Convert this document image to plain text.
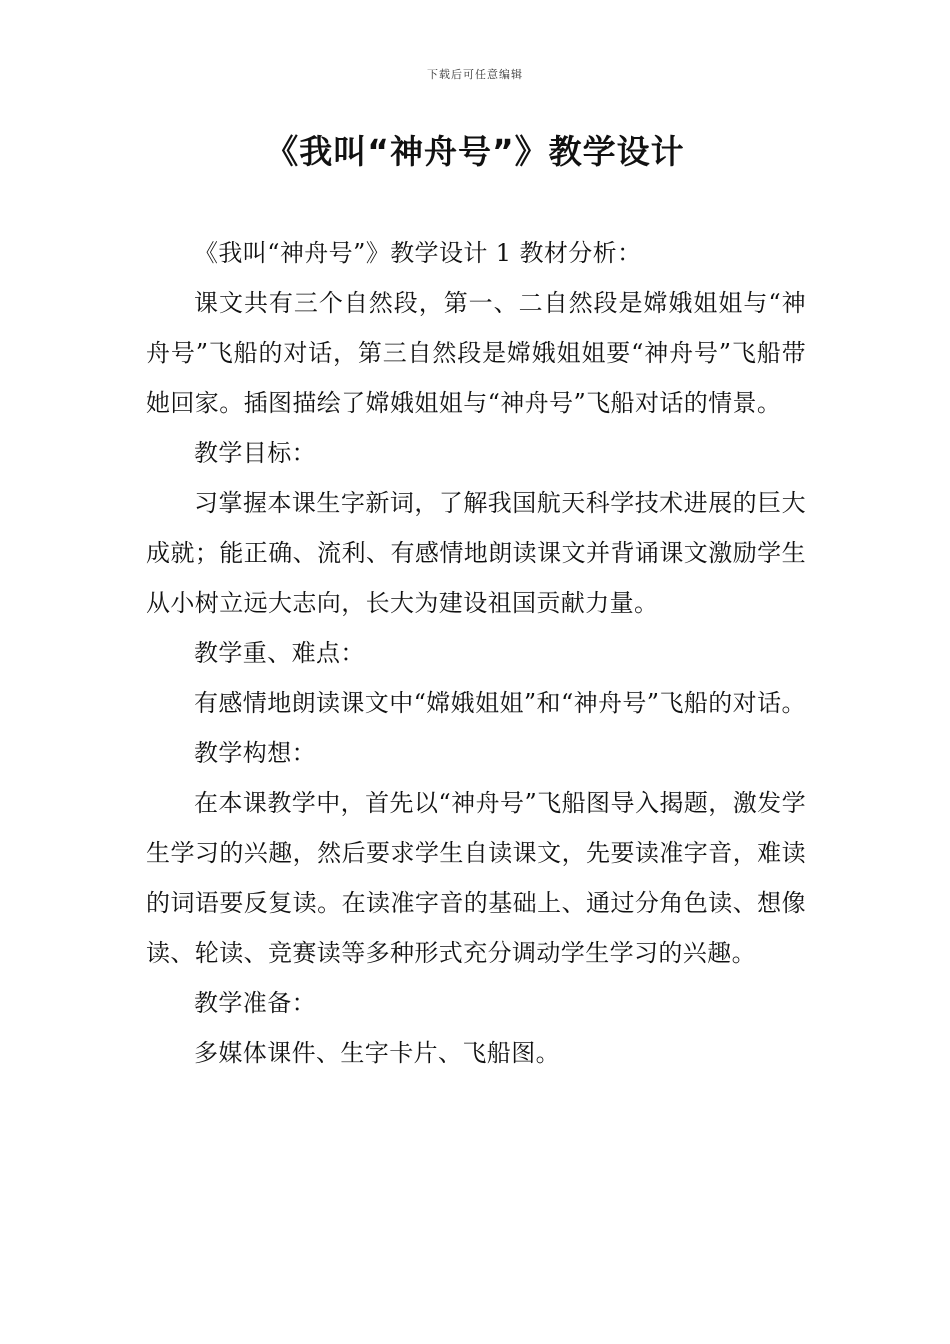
下载后可任意编辑
《我叫“神舟号”》教学设计

《我叫“神舟号”》教学设计 1 教材分析：

课文共有三个自然段，第一、二自然段是嫦娥姐姐与“神舟号”飞船的对话，第三自然段是嫦娥姐姐要“神舟号”飞船带她回家。插图描绘了嫦娥姐姐与“神舟号”飞船对话的情景。

教学目标：

习掌握本课生字新词，了解我国航天科学技术进展的巨大成就；能正确、流利、有感情地朗读课文并背诵课文激励学生从小树立远大志向，长大为建设祖国贡献力量。

教学重、难点：

有感情地朗读课文中“嫦娥姐姐”和“神舟号”飞船的对话。

教学构想：

在本课教学中，首先以“神舟号”飞船图导入揭题，激发学生学习的兴趣，然后要求学生自读课文，先要读准字音，难读的词语要反复读。在读准字音的基础上、通过分角色读、想像读、轮读、竞赛读等多种形式充分调动学生学习的兴趣。

教学准备：

多媒体课件、生字卡片、飞船图。
